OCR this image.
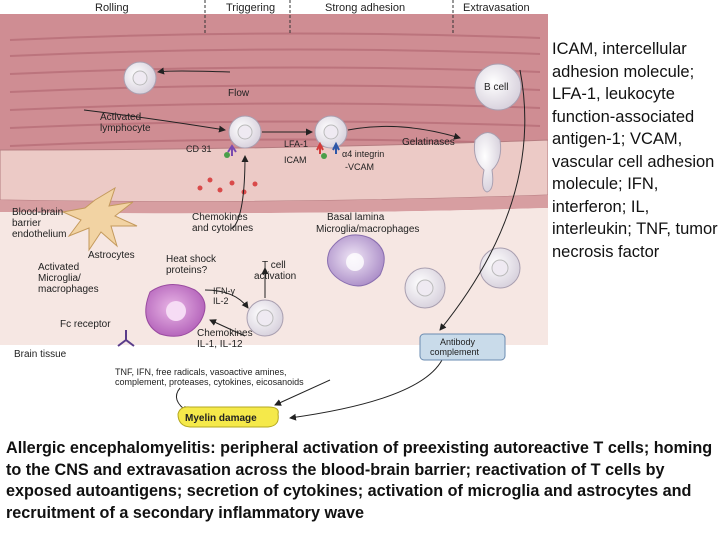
Rolling	Triggering	Strong adhesion	Extravasation
Flow
B cell
Activated lymphocyte
CD 31	LFA-1
ICAM
α4 integrin
-VCAM
Gelatinases
Blood-brain barrier endothelium
Chemokines and cytokines
Basal lamina
Microglia/macrophages
Astrocytes	Heat shock proteins?	T cell activation
Activated Microglia/ macrophages	IFN-γ IL-2
Fc receptor
Chemokines IL-1, IL-12
Brain tissue
Antibody complement
TNF, IFN, free radicals, vasoactive amines, complement, proteases, cytokines, eicosanoids
Myelin damage
ICAM, intercellular adhesion molecule; LFA-1, leukocyte function-associated antigen-1; VCAM, vascular cell adhesion molecule; IFN, interferon; IL, interleukin; TNF, tumor necrosis factor
Allergic encephalomyelitis: peripheral activation of preexisting autoreactive T cells; homing to the CNS and extravasation across the blood-brain barrier; reactivation of T cells by exposed autoantigens; secretion of cytokines; activation of microglia and astrocytes and recruitment of a secondary inflammatory wave
